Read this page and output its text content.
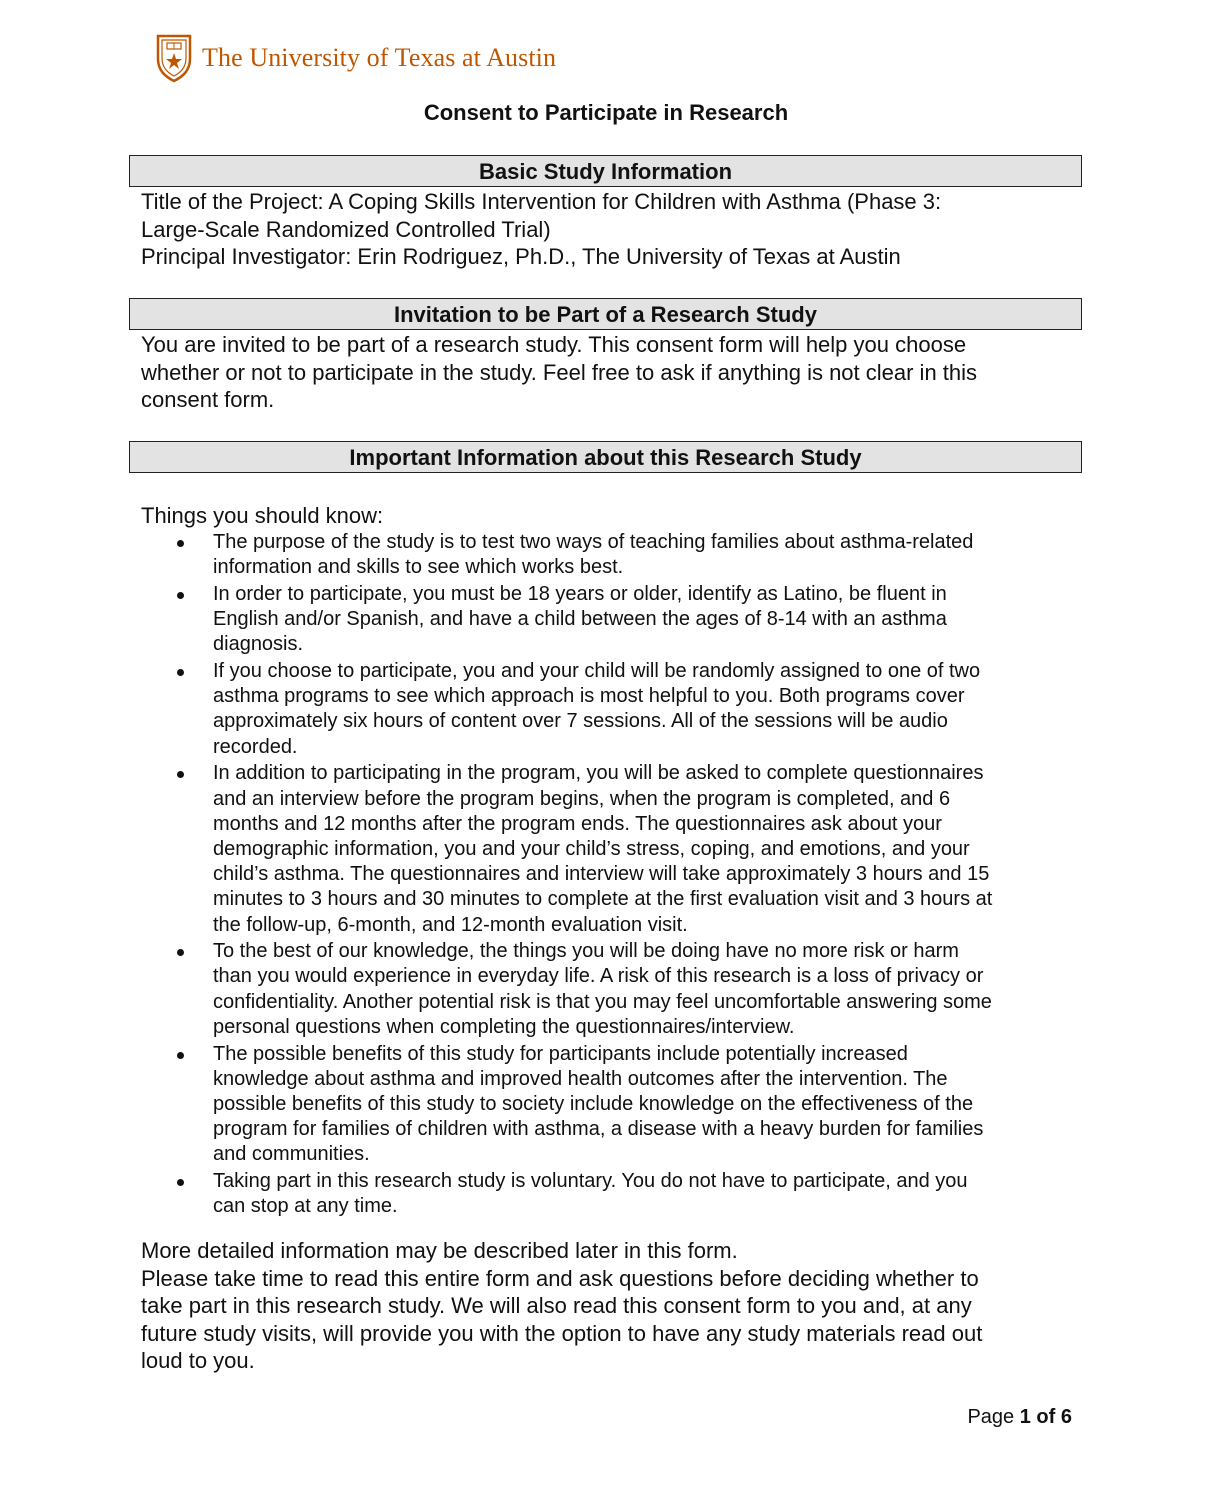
The University of Texas at Austin
Consent to Participate in Research
Basic Study Information
Title of the Project: A Coping Skills Intervention for Children with Asthma (Phase 3:
Large-Scale Randomized Controlled Trial)
Principal Investigator: Erin Rodriguez, Ph.D., The University of Texas at Austin
Invitation to be Part of a Research Study
You are invited to be part of a research study. This consent form will help you choose
whether or not to participate in the study. Feel free to ask if anything is not clear in this
consent form.
Important Information about this Research Study
Things you should know:
The purpose of the study is to test two ways of teaching families about asthma-related
information and skills to see which works best.
In order to participate, you must be 18 years or older, identify as Latino, be fluent in
English and/or Spanish, and have a child between the ages of 8-14 with an asthma
diagnosis.
If you choose to participate, you and your child will be randomly assigned to one of two
asthma programs to see which approach is most helpful to you. Both programs cover
approximately six hours of content over 7 sessions. All of the sessions will be audio
recorded.
In addition to participating in the program, you will be asked to complete questionnaires
and an interview before the program begins, when the program is completed, and 6
months and 12 months after the program ends. The questionnaires ask about your
demographic information, you and your child’s stress, coping, and emotions, and your
child’s asthma. The questionnaires and interview will take approximately 3 hours and 15
minutes to 3 hours and 30 minutes to complete at the first evaluation visit and 3 hours at
the follow-up, 6-month, and 12-month evaluation visit.
To the best of our knowledge, the things you will be doing have no more risk or harm
than you would experience in everyday life. A risk of this research is a loss of privacy or
confidentiality. Another potential risk is that you may feel uncomfortable answering some
personal questions when completing the questionnaires/interview.
The possible benefits of this study for participants include potentially increased
knowledge about asthma and improved health outcomes after the intervention. The
possible benefits of this study to society include knowledge on the effectiveness of the
program for families of children with asthma, a disease with a heavy burden for families
and communities.
Taking part in this research study is voluntary. You do not have to participate, and you
can stop at any time.
More detailed information may be described later in this form.
Please take time to read this entire form and ask questions before deciding whether to
take part in this research study. We will also read this consent form to you and, at any
future study visits, will provide you with the option to have any study materials read out
loud to you.
Page 1 of 6
